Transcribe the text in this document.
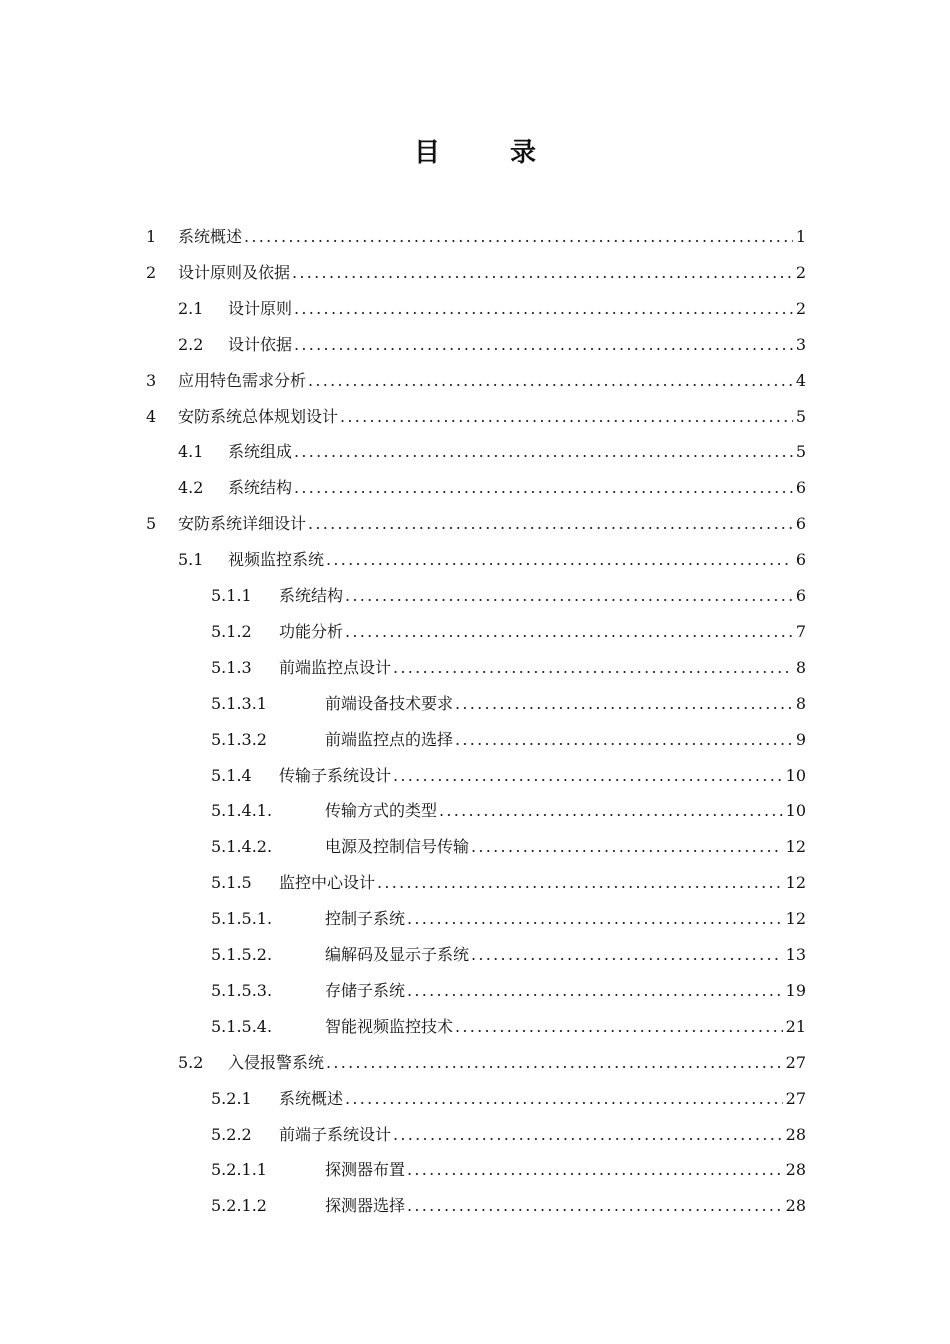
目　录
1	系统概述 .....	1
2	设计原则及依据 .....	2
2.1	设计原则 .....	2
2.2	设计依据 .....	3
3	应用特色需求分析 .....	4
4	安防系统总体规划设计 .....	5
4.1	系统组成 .....	5
4.2	系统结构 .....	6
5	安防系统详细设计 .....	6
5.1	视频监控系统 .....	6
5.1.1	系统结构 .....	6
5.1.2	功能分析 .....	7
5.1.3	前端监控点设计 .....	8
5.1.3.1	前端设备技术要求 .....	8
5.1.3.2	前端监控点的选择 .....	9
5.1.4	传输子系统设计 .....	10
5.1.4.1.	传输方式的类型 .....	10
5.1.4.2.	电源及控制信号传输 .....	12
5.1.5	监控中心设计 .....	12
5.1.5.1.	控制子系统 .....	12
5.1.5.2.	编解码及显示子系统 .....	13
5.1.5.3.	存储子系统 .....	19
5.1.5.4.	智能视频监控技术 .....	21
5.2	入侵报警系统 .....	27
5.2.1	系统概述 .....	27
5.2.2	前端子系统设计 .....	28
5.2.1.1	探测器布置 .....	28
5.2.1.2	探测器选择 .....	28
